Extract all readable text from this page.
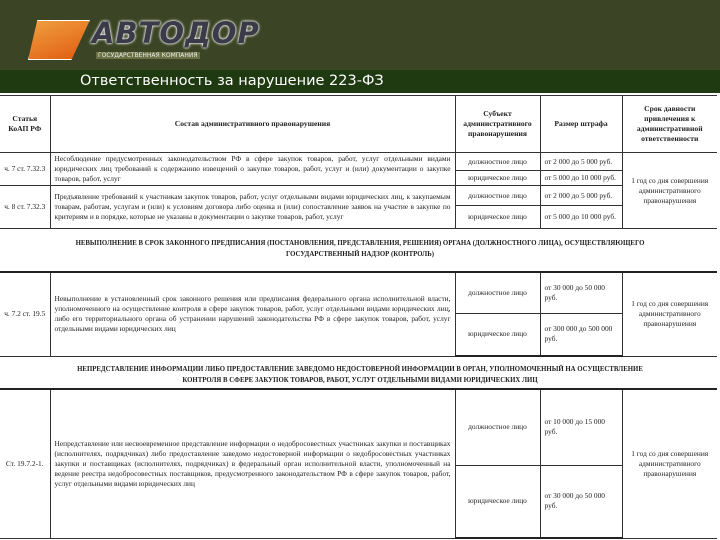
АВТОДОР
ГОСУДАРСТВЕННАЯ КОМПАНИЯ
Ответственность за нарушение 223-ФЗ
Статья КоАП РФ	Состав административного правонарушения	Субъект административного правонарушения	Размер штрафа	Срок давности привлечения к административной ответственности
ч. 7 ст. 7.32.3	Несоблюдение предусмотренных законодательством РФ в сфере закупок товаров, работ, услуг отдельными видами юридических лиц требований к содержанию извещений о закупке товаров, работ, услуг и (или) документации о закупке товаров, работ, услуг	должностное лицо	от 2 000 до 5 000 руб.	1 год со дня совершения административного правонарушения
		юридическое лицо	от 5 000 до 10 000 руб.	
ч. 8 ст. 7.32.3	Предъявление требований к участникам закупок товаров, работ, услуг отдельными видами юридических лиц, к закупаемым товарам, работам, услугам и (или) к условиям договора либо оценка и (или) сопоставление заявок на участие в закупке по критериям и в порядке, которые не указаны в документации о закупке товаров, работ, услуг	должностное лицо	от 2 000 до 5 000 руб.	
		юридическое лицо	от 5 000 до 10 000 руб.	
НЕВЫПОЛНЕНИЕ В СРОК ЗАКОННОГО ПРЕДПИСАНИЯ (ПОСТАНОВЛЕНИЯ, ПРЕДСТАВЛЕНИЯ, РЕШЕНИЯ) ОРГАНА (ДОЛЖНОСТНОГО ЛИЦА), ОСУЩЕСТВЛЯЮЩЕГО ГОСУДАРСТВЕННЫЙ НАДЗОР (КОНТРОЛЬ)
ч. 7.2 ст. 19.5	Невыполнение в установленный срок законного решения или предписания федерального органа исполнительной власти, уполномоченного на осуществление контроля в сфере закупок товаров, работ, услуг отдельными видами юридических лиц, либо его территориального органа об устранении нарушений законодательства РФ в сфере закупок товаров, работ, услуг отдельными видами юридических лиц	должностное лицо	от 30 000 до 50 000 руб.	1 год со дня совершения административного правонарушения
		юридическое лицо	от 300 000 до 500 000 руб.	
НЕПРЕДСТАВЛЕНИЕ ИНФОРМАЦИИ ЛИБО ПРЕДОСТАВЛЕНИЕ ЗАВЕДОМО НЕДОСТОВЕРНОЙ ИНФОРМАЦИИ В ОРГАН, УПОЛНОМОЧЕННЫЙ НА ОСУЩЕСТВЛЕНИЕ КОНТРОЛЯ В СФЕРЕ ЗАКУПОК ТОВАРОВ, РАБОТ, УСЛУГ ОТДЕЛЬНЫМИ ВИДАМИ ЮРИДИЧЕСКИХ ЛИЦ
Ст. 19.7.2-1.	Непредставление или несвоевременное представление информации о недобросовестных участниках закупки и поставщиках (исполнителях, подрядчиках) либо предоставление заведомо недостоверной информации о недобросовестных участниках закупки и поставщиках (исполнителях, подрядчиках) в федеральный орган исполнительной власти, уполномоченный на ведение реестра недобросовестных поставщиков, предусмотренного законодательством РФ в сфере закупок товаров, работ, услуг отдельными видами юридических лиц	должностное лицо	от 10 000 до 15 000 руб.	1 год со дня совершения административного правонарушения
		юридическое лицо	от 30 000 до 50 000 руб.	
